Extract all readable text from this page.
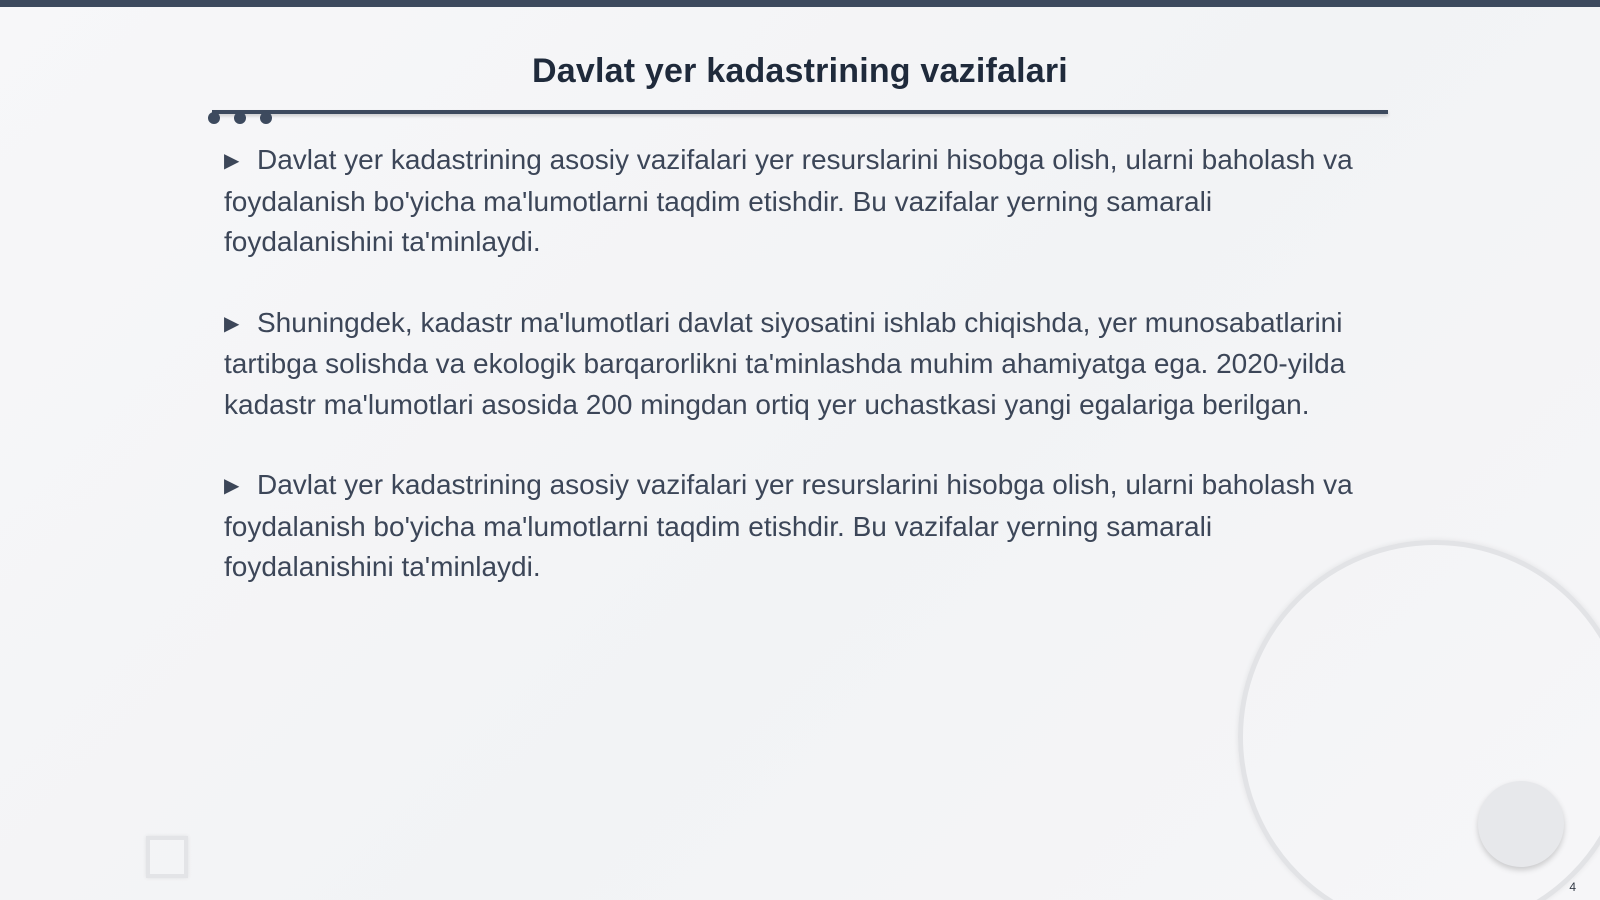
Davlat yer kadastrining vazifalari

▶ Davlat yer kadastrining asosiy vazifalari yer resurslarini hisobga olish, ularni baholash va foydalanish bo'yicha ma'lumotlarni taqdim etishdir. Bu vazifalar yerning samarali foydalanishini ta'minlaydi.

▶ Shuningdek, kadastr ma'lumotlari davlat siyosatini ishlab chiqishda, yer munosabatlarini tartibga solishda va ekologik barqarorlikni ta'minlashda muhim ahamiyatga ega. 2020-yilda kadastr ma'lumotlari asosida 200 mingdan ortiq yer uchastkasi yangi egalariga berilgan.

▶ Davlat yer kadastrining asosiy vazifalari yer resurslarini hisobga olish, ularni baholash va foydalanish bo'yicha ma'lumotlarni taqdim etishdir. Bu vazifalar yerning samarali foydalanishini ta'minlaydi.

4
